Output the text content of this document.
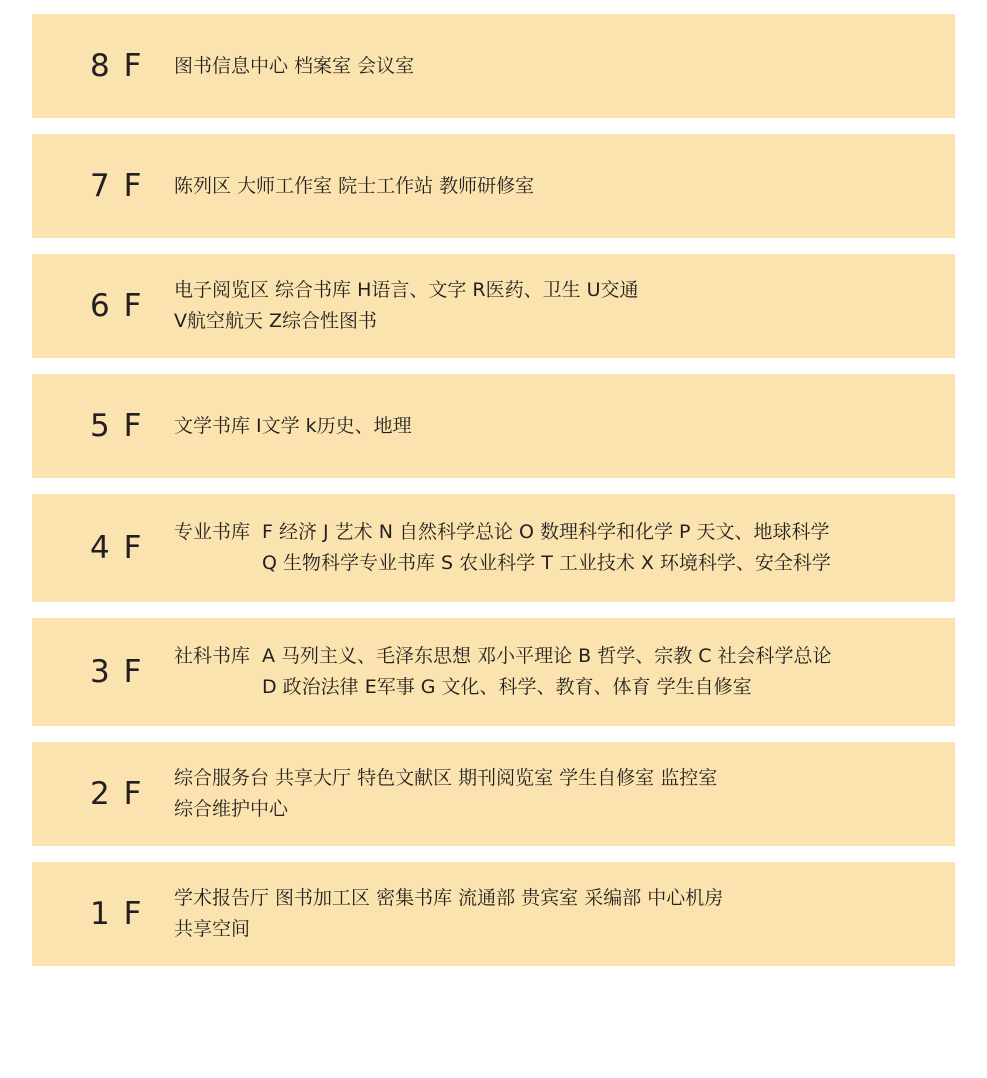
8 F	图书信息中心 档案室 会议室
7 F	陈列区 大师工作室 院士工作站 教师研修室
6 F	电子阅览区 综合书库 H语言、文字 R医药、卫生 U交通
V航空航天 Z综合性图书
5 F	文学书库 I文学 k历史、地理
4 F	专业书库 F 经济 J 艺术 N 自然科学总论 O 数理科学和化学 P 天文、地球科学
Q 生物科学专业书库 S 农业科学 T 工业技术 X 环境科学、安全科学
3 F	社科书库 A 马列主义、毛泽东思想 邓小平理论 B 哲学、宗教 C 社会科学总论
D 政治法律 E军事 G 文化、科学、教育、体育 学生自修室
2 F	综合服务台 共享大厅 特色文献区 期刊阅览室 学生自修室 监控室
综合维护中心
1 F	学术报告厅 图书加工区 密集书库 流通部 贵宾室 采编部 中心机房
共享空间
